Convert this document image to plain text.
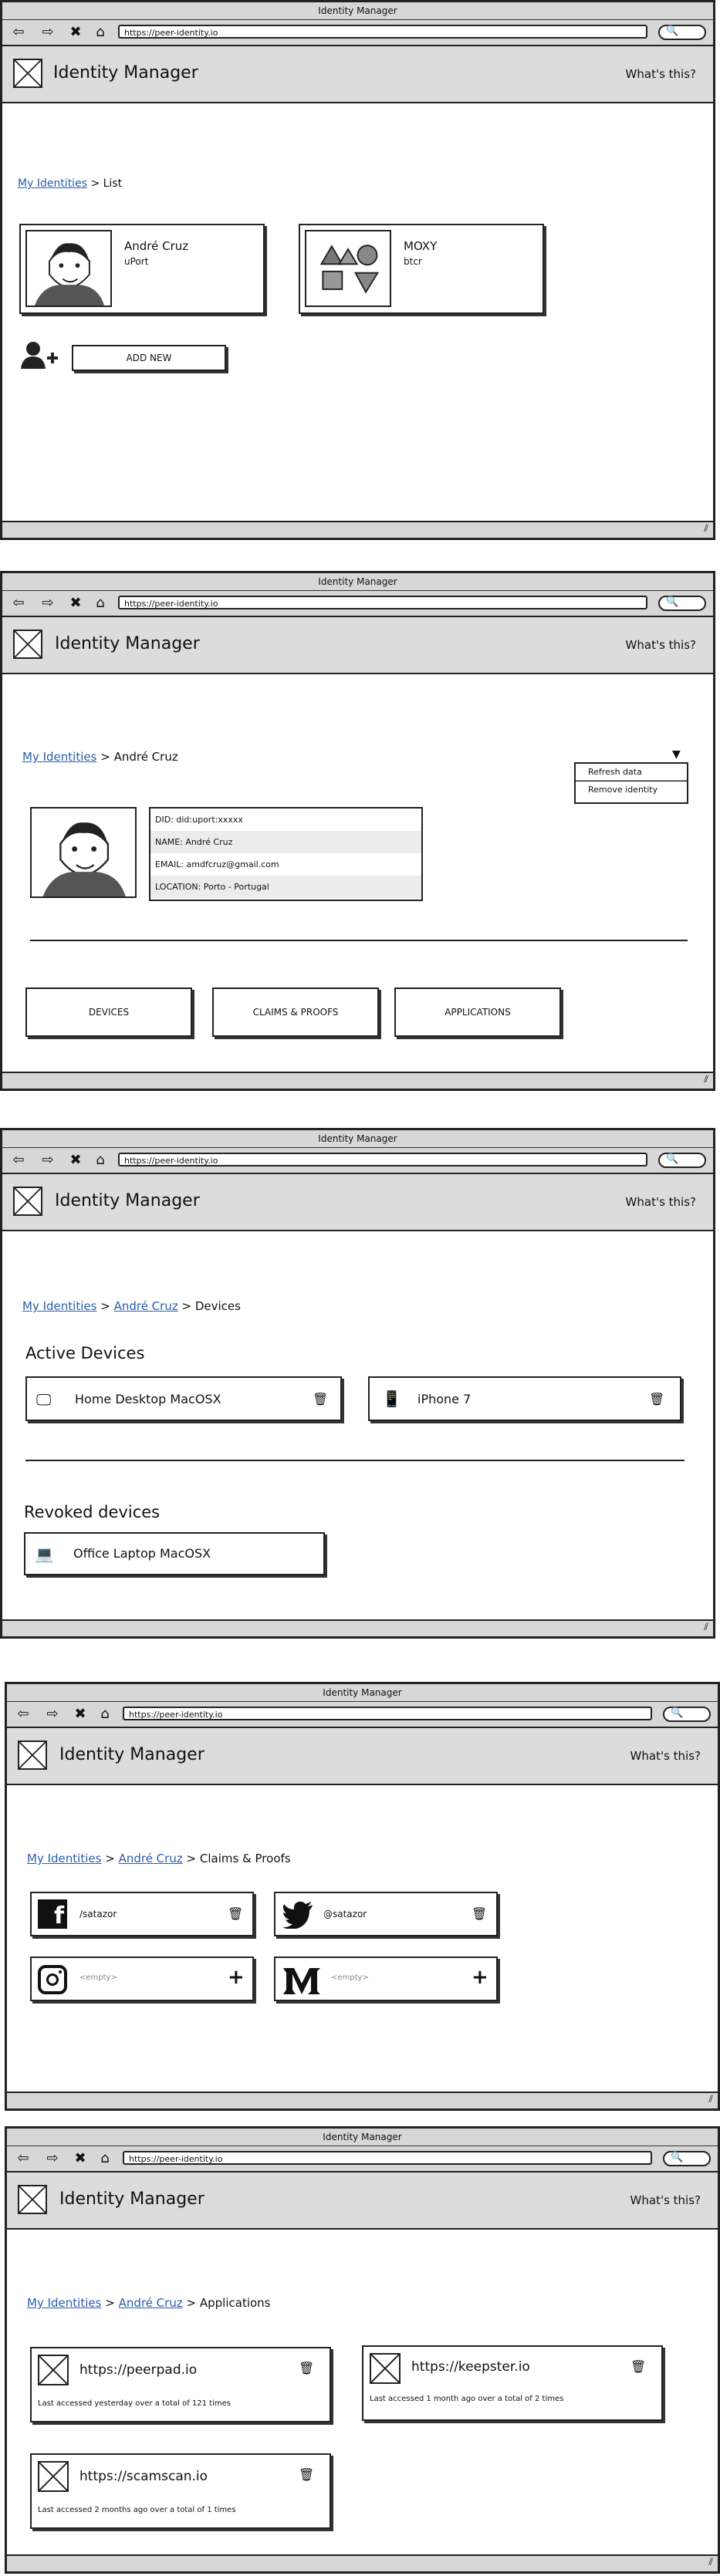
Identity Manager
⇦ ⇨ ✖ ⌂	https://peer-identity.io	🔍
Identity Manager	What's this?
My Identities > List
André Cruz
uPort
MOXY
btcr
ADD NEW
⫽
Identity Manager
⇦ ⇨ ✖ ⌂	https://peer-identity.io	🔍
Identity Manager	What's this?
My Identities > André Cruz	▼
Refresh data
Remove identity
DID: did:uport:xxxxx
NAME: André Cruz
EMAIL: amdfcruz@gmail.com
LOCATION: Porto - Portugal
DEVICES	CLAIMS & PROOFS	APPLICATIONS
⫽
Identity Manager
⇦ ⇨ ✖ ⌂	https://peer-identity.io	🔍
Identity Manager	What's this?
My Identities > André Cruz > Devices
Active Devices
🖵 Home Desktop MacOSX	🗑	📱 iPhone 7	🗑
Revoked devices
💻 Office Laptop MacOSX
⫽
Identity Manager
⇦ ⇨ ✖ ⌂	https://peer-identity.io	🔍
Identity Manager	What's this?
My Identities > André Cruz > Claims & Proofs
f	/satazor	🗑	@satazor	🗑
<empty>	+	<empty>	+
⫽
Identity Manager
⇦ ⇨ ✖ ⌂	https://peer-identity.io	🔍
Identity Manager	What's this?
My Identities > André Cruz > Applications
https://peerpad.io	🗑
Last accessed yesterday over a total of 121 times
https://keepster.io	🗑
Last accessed 1 month ago over a total of 2 times
https://scamscan.io	🗑
Last accessed 2 months ago over a total of 1 times
⫽
